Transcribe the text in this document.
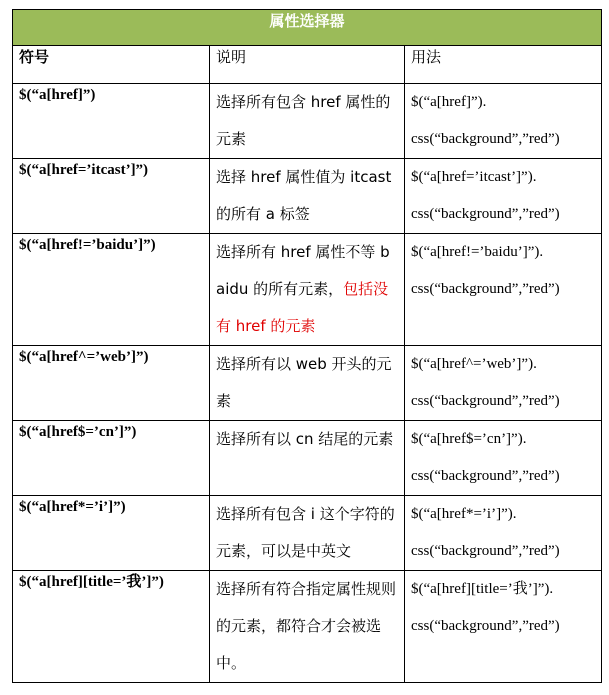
属性选择器		
符号	说明	用法
$(“a[href]”)	选择所有包含 href 属性的元素	$(“a[href]”).
css(“background”,”red”)

$(“a[href=’itcast’]”)	选择 href 属性值为 itcast 的所有 a 标签	$(“a[href=’itcast’]”).
css(“background”,”red”)

$(“a[href!=’baidu’]”)	选择所有 href 属性不等 baidu 的所有元素，包括没有 href 的元素	$(“a[href!=’baidu’]”).
css(“background”,”red”)

$(“a[href^=’web’]”)	选择所有以 web 开头的元素	$(“a[href^=’web’]”).
css(“background”,”red”)

$(“a[href$=’cn’]”)	选择所有以 cn 结尾的元素	$(“a[href$=’cn’]”).
css(“background”,”red”)

$(“a[href*=’i’]”)	选择所有包含 i 这个字符的元素，可以是中英文	$(“a[href*=’i’]”).
css(“background”,”red”)

$(“a[href][title=’我’]”)	选择所有符合指定属性规则的元素，都符合才会被选中。	$(“a[href][title=’我’]”).
css(“background”,”red”)
